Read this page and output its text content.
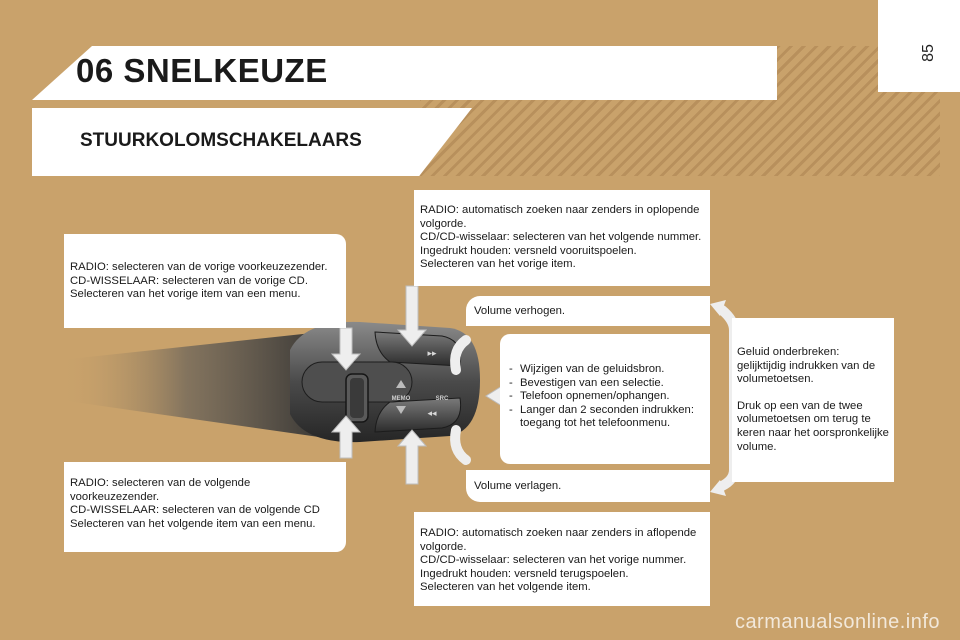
85
06 SNELKEUZE
STUURKOLOMSCHAKELAARS
MEMO	SRC
▸▸
◂◂

RADIO: selecteren van de vorige voorkeuzezender.

CD-WISSELAAR: selecteren van de vorige CD.

Selecteren van het vorige item van een menu.

RADIO: selecteren van de volgende

voorkeuzezender.

CD-WISSELAAR: selecteren van de volgende CD

Selecteren van het volgende item van een menu.

RADIO: automatisch zoeken naar zenders in oplopende

volgorde.

CD/CD-wisselaar: selecteren van het volgende nummer.

Ingedrukt houden: versneld vooruitspoelen.

Selecteren van het vorige item.

Volume verhogen.

- Wijzigen van de geluidsbron.
- Bevestigen van een selectie.
- Telefoon opnemen/ophangen.
- Langer dan 2 seconden indrukken: toegang tot het telefoonmenu.

Volume verlagen.

RADIO: automatisch zoeken naar zenders in aflopende

volgorde.

CD/CD-wisselaar: selecteren van het vorige nummer.

Ingedrukt houden: versneld terugspoelen.

Selecteren van het volgende item.

Geluid onderbreken: gelijktijdig indrukken van de volumetoetsen.

Druk op een van de twee volumetoetsen om terug te keren naar het oorspronkelijke volume.

carmanualsonline.info
